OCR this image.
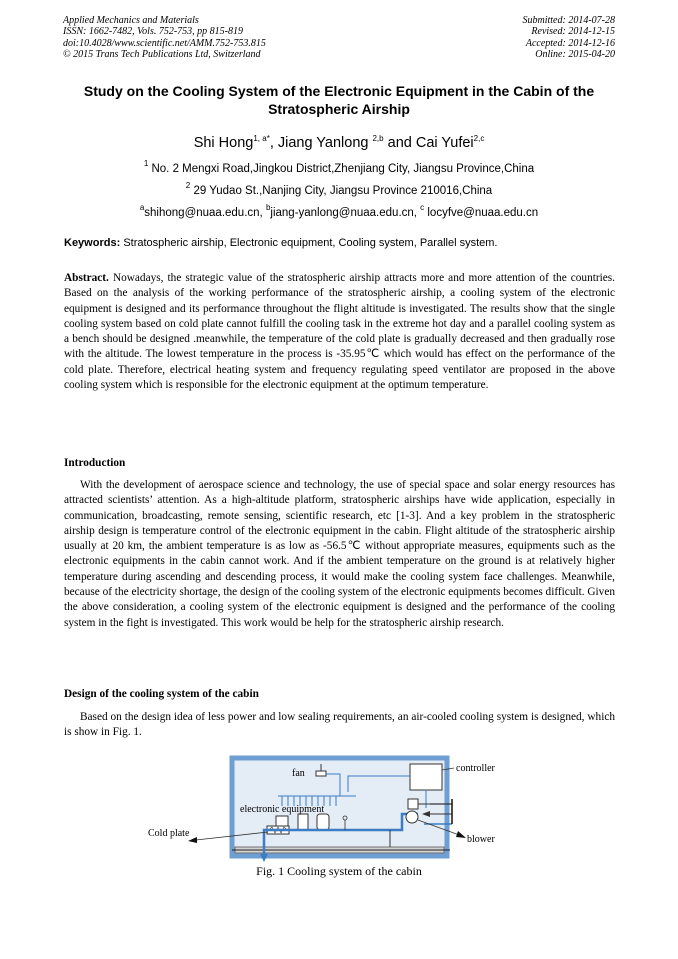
Applied Mechanics and Materials
ISSN: 1662-7482, Vols. 752-753, pp 815-819
doi:10.4028/www.scientific.net/AMM.752-753.815
© 2015 Trans Tech Publications Ltd, Switzerland
Submitted: 2014-07-28
Revised: 2014-12-15
Accepted: 2014-12-16
Online: 2015-04-20
Study on the Cooling System of the Electronic Equipment in the Cabin of the Stratospheric Airship
Shi Hong$^{1, a*}$, Jiang Yanlong $^{2,b}$ and Cai Yufei$^{2,c}$
$^1$ No. 2 Mengxi Road,Jingkou District,Zhenjiang City, Jiangsu Province,China
$^2$ 29 Yudao St.,Nanjing City, Jiangsu Province 210016,China
$^a$shihong@nuaa.edu.cn, $^b$jiang-yanlong@nuaa.edu.cn, $^c$ locyfve@nuaa.edu.cn
Keywords: Stratospheric airship, Electronic equipment, Cooling system, Parallel system.
Abstract. Nowadays, the strategic value of the stratospheric airship attracts more and more attention of the countries. Based on the analysis of the working performance of the stratospheric airship, a cooling system of the electronic equipment is designed and its performance throughout the flight altitude is investigated. The results show that the single cooling system based on cold plate cannot fulfill the cooling task in the extreme hot day and a parallel cooling system as a bench should be designed .meanwhile, the temperature of the cold plate is gradually decreased and then gradually rose with the altitude. The lowest temperature in the process is -35.95℃ which would has effect on the performance of the cold plate. Therefore, electrical heating system and frequency regulating speed ventilator are proposed in the above cooling system which is responsible for the electronic equipment at the optimum temperature.
Introduction
With the development of aerospace science and technology, the use of special space and solar energy resources has attracted scientists’ attention. As a high-altitude platform, stratospheric airships have wide application, especially in communication, broadcasting, remote sensing, scientific research, etc [1-3]. And a key problem in the stratospheric airship design is temperature control of the electronic equipment in the cabin. Flight altitude of the stratospheric airship usually at 20 km, the ambient temperature is as low as -56.5℃ without appropriate measures, equipments such as the electronic equipments in the cabin cannot work. And if the ambient temperature on the ground is at relatively higher temperature during ascending and descending process, it would make the cooling system face challenges. Meanwhile, because of the electricity shortage, the design of the cooling system of the electronic equipments becomes difficult. Given the above consideration, a cooling system of the electronic equipment is designed and the performance of the cooling system in the fight is investigated. This work would be help for the stratospheric airship research.
Design of the cooling system of the cabin
Based on the design idea of less power and low sealing requirements, an air-cooled cooling system is designed, which is show in Fig. 1.
fan	controller
electronic equipment
Cold plate
blower
Fig. 1 Cooling system of the cabin
